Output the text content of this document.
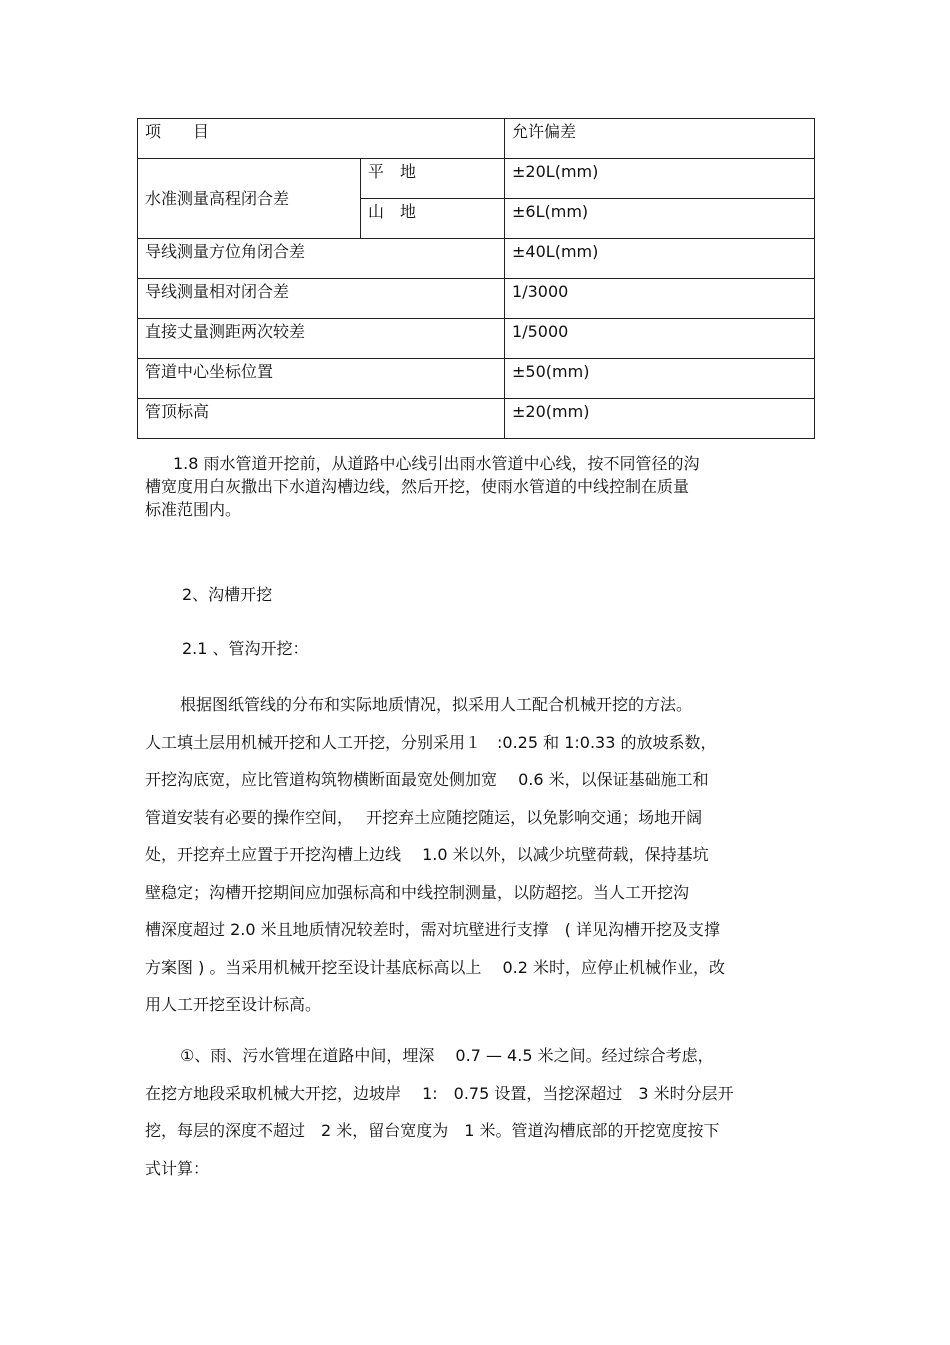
项　　目		允许偏差
水准测量高程闭合差	平　地	±20L(mm)
	山　地	±6L(mm)
导线测量方位角闭合差		±40L(mm)
导线测量相对闭合差		1/3000
直接丈量测距两次较差		1/5000
管道中心坐标位置		±50(mm)
管顶标高		±20(mm)
1.8 雨水管道开挖前，从道路中心线引出雨水管道中心线，按不同管径的沟
槽宽度用白灰撒出下水道沟槽边线，然后开挖，使雨水管道的中线控制在质量
标准范围内。
2、沟槽开挖
2.1 、管沟开挖：
根据图纸管线的分布和实际地质情况，拟采用人工配合机械开挖的方法。
人工填土层用机械开挖和人工开挖，分别采用１　:0.25 和 1:0.33 的放坡系数，
开挖沟底宽，应比管道构筑物横断面最宽处侧加宽　 0.6 米，以保证基础施工和
管道安装有必要的操作空间，　 开挖弃土应随挖随运，以免影响交通；场地开阔
处，开挖弃土应置于开挖沟槽上边线　 1.0 米以外，以减少坑壁荷载，保持基坑
壁稳定；沟槽开挖期间应加强标高和中线控制测量，以防超挖。当人工开挖沟
槽深度超过 2.0 米且地质情况较差时，需对坑壁进行支撑　( 详见沟槽开挖及支撑
方案图 ) 。当采用机械开挖至设计基底标高以上　 0.2 米时，应停止机械作业，改
用人工开挖至设计标高。
①、雨、污水管埋在道路中间，埋深　 0.7 — 4.5 米之间。经过综合考虑，
在挖方地段采取机械大开挖，边坡岸　 1:　0.75 设置，当挖深超过　3 米时分层开
挖，每层的深度不超过　2 米，留台宽度为　1 米。管道沟槽底部的开挖宽度按下
式计算：
